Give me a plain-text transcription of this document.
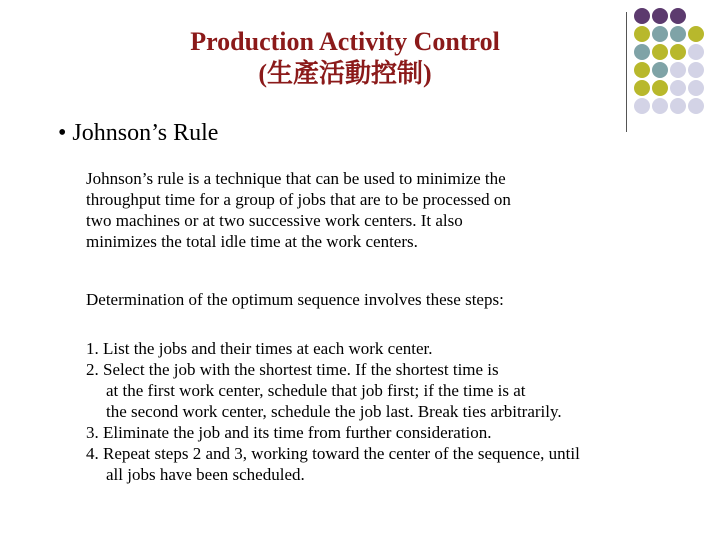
Production Activity Control
(生產活動控制)
• Johnson’s Rule
Johnson’s rule is a technique that can be used to minimize the
throughput time for a group of jobs that are to be processed on
two machines or at two successive work centers. It also
minimizes the total idle time at the work centers.
Determination of the optimum sequence involves these steps:
1. List the jobs and their times at each work center.
2. Select the job with the shortest time. If the shortest time is
at the first work center, schedule that job first; if the time is at
the second work center, schedule the job last. Break ties arbitrarily.
3. Eliminate the job and its time from further consideration.
4. Repeat steps 2 and 3, working toward the center of the sequence, until
all jobs have been scheduled.
